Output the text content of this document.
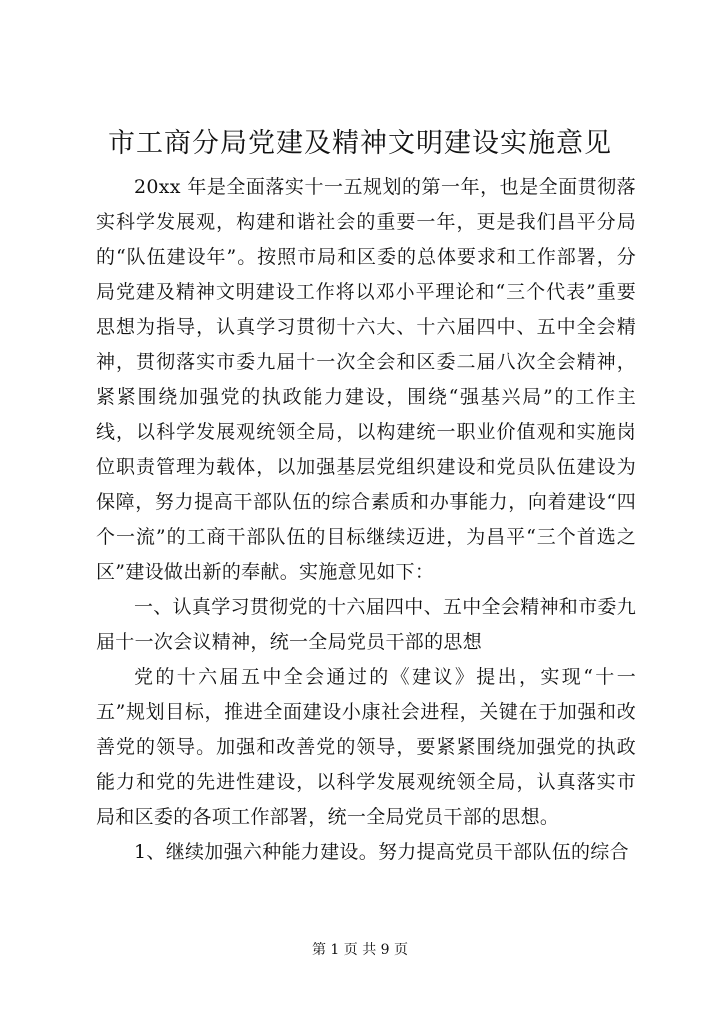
市工商分局党建及精神文明建设实施意见

20xx 年是全面落实十一五规划的第一年，也是全面贯彻落实科学发展观，构建和谐社会的重要一年，更是我们昌平分局的“队伍建设年”。按照市局和区委的总体要求和工作部署，分局党建及精神文明建设工作将以邓小平理论和“三个代表”重要思想为指导，认真学习贯彻十六大、十六届四中、五中全会精神，贯彻落实市委九届十一次全会和区委二届八次全会精神，紧紧围绕加强党的执政能力建设，围绕“强基兴局”的工作主线，以科学发展观统领全局，以构建统一职业价值观和实施岗位职责管理为载体，以加强基层党组织建设和党员队伍建设为保障，努力提高干部队伍的综合素质和办事能力，向着建设“四个一流”的工商干部队伍的目标继续迈进，为昌平“三个首选之区”建设做出新的奉献。实施意见如下：

一、认真学习贯彻党的十六届四中、五中全会精神和市委九届十一次会议精神，统一全局党员干部的思想

党的十六届五中全会通过的《建议》提出，实现“十一五”规划目标，推进全面建设小康社会进程，关键在于加强和改善党的领导。加强和改善党的领导，要紧紧围绕加强党的执政能力和党的先进性建设，以科学发展观统领全局，认真落实市局和区委的各项工作部署，统一全局党员干部的思想。

1、继续加强六种能力建设。努力提高党员干部队伍的综合

第 1 页 共 9 页
